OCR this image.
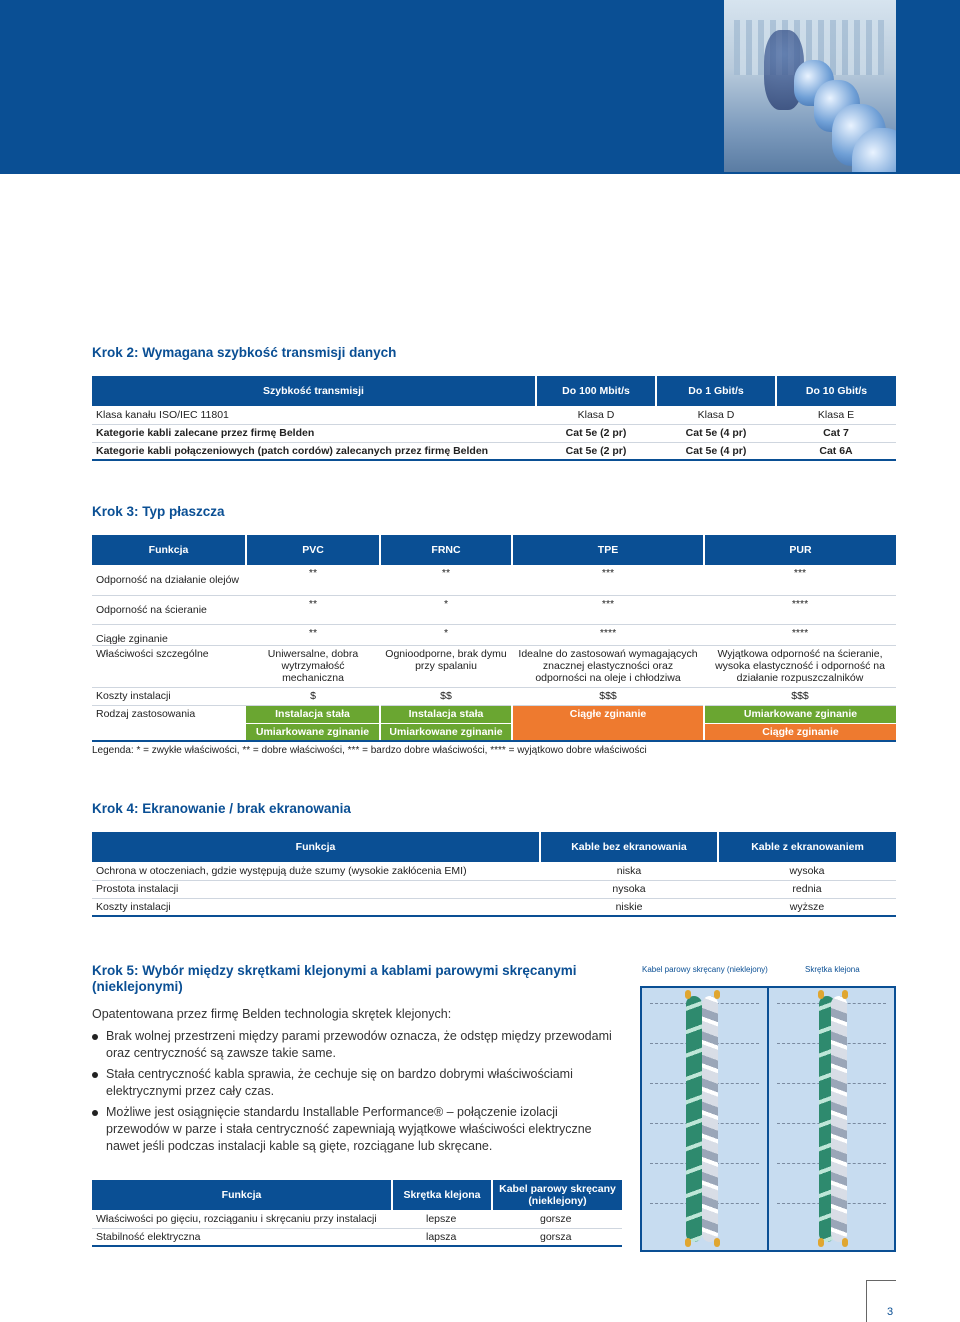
Krok 2: Wymagana szybkość transmisji danych
Szybkość transmisji	Do 100 Mbit/s	Do 1 Gbit/s	Do 10 Gbit/s
Klasa kanału ISO/IEC 11801	Klasa D	Klasa D	Klasa E
Kategorie kabli zalecane przez firmę Belden	Cat 5e (2 pr)	Cat 5e (4 pr)	Cat 7
Kategorie kabli połączeniowych (patch cordów) zalecanych przez firmę Belden	Cat 5e (2 pr)	Cat 5e (4 pr)	Cat 6A
Krok 3: Typ płaszcza
Funkcja	PVC	FRNC	TPE	PUR

Odporność na działanie olejów	**	**	***	***

Odporność na ścieranie	**	*	***	****

Ciągłe zginanie	**	*	****	****
Właściwości szczególne	Uniwersalne, dobra wytrzymałość mechaniczna	Ognioodporne, brak dymu przy spalaniu	Idealne do zastosowań wymagających znacznej elastyczności oraz odporności na oleje i chłodziwa	Wyjątkowa odporność na ścieranie, wysoka elastyczność i odporność na działanie rozpuszczalników
Koszty instalacji	$	$$	$$$	$$$
Rodzaj zastosowania	Instalacja stała	Instalacja stała	Ciągłe zginanie	Umiarkowane zginanie
	Umiarkowane zginanie	Umiarkowane zginanie		Ciągłe zginanie
Legenda: * = zwykłe właściwości, ** = dobre właściwości, *** = bardzo dobre właściwości, **** = wyjątkowo dobre właściwości
Krok 4: Ekranowanie / brak ekranowania
Funkcja	Kable bez ekranowania	Kable z ekranowaniem
Ochrona w otoczeniach, gdzie występują duże szumy (wysokie zakłócenia EMI)	niska	wysoka
Prostota instalacji	nysoka	rednia
Koszty instalacji	niskie	wyższe
Krok 5: Wybór między skrętkami klejonymi a kablami parowymi skręcanymi
(nieklejonymi)
Opatentowana przez firmę Belden technologia skrętek klejonych:
Brak wolnej przestrzeni między parami przewodów oznacza, że odstęp między przewodami oraz centryczność są zawsze takie same.
Stała centryczność kabla sprawia, że cechuje się on bardzo dobrymi właściwościami elektrycznymi przez cały czas.
Możliwe jest osiągnięcie standardu Installable Performance® – połączenie izolacji przewodów w parze i stała centryczność zapewniają wyjątkowe właściwości elektryczne nawet jeśli podczas instalacji kable są gięte, rozciągane lub skręcane.
Funkcja	Skrętka klejona	Kabel parowy skręcany (nieklejony)
Właściwości po gięciu, rozciąganiu i skręcaniu przy instalacji	lepsze	gorsze
Stabilność elektryczna	lapsza	gorsza
Kabel parowy skręcany (nieklejony)	Skrętka klejona
3
